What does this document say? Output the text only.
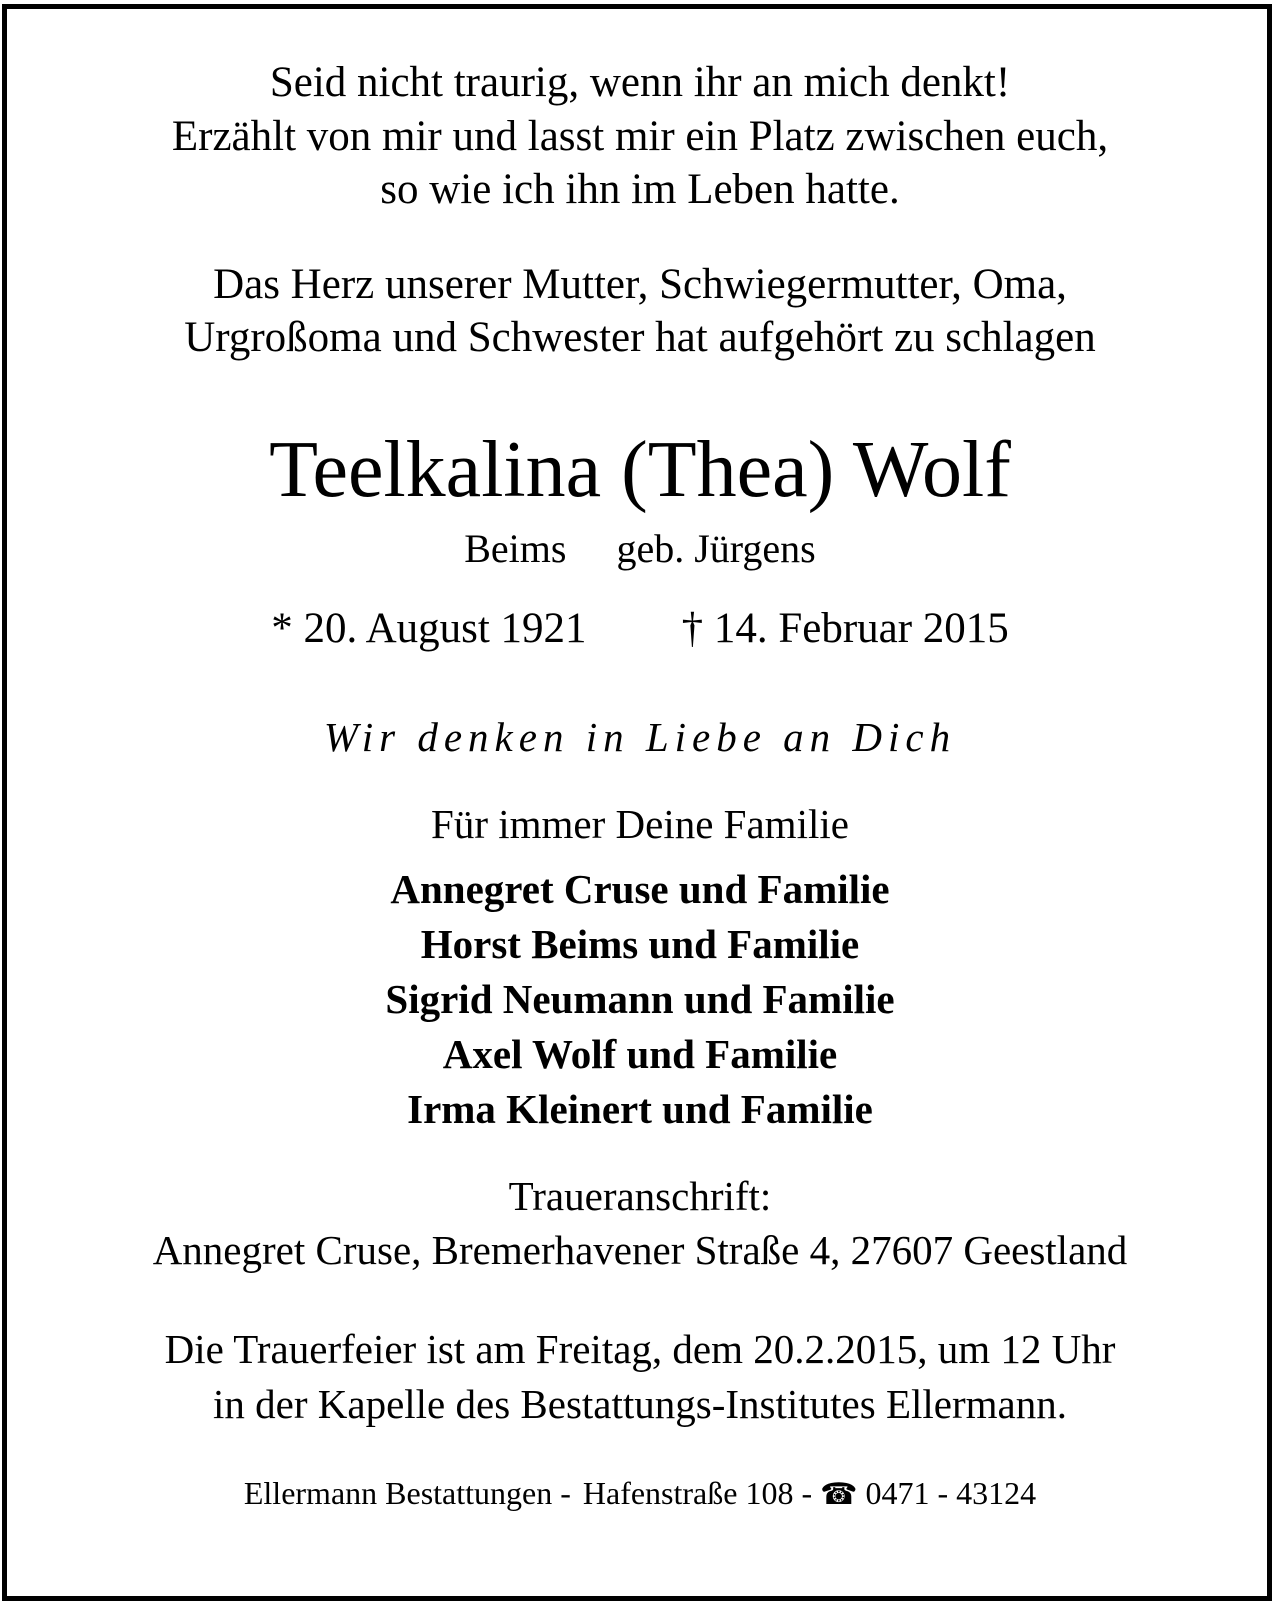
Seid nicht traurig, wenn ihr an mich denkt!
Erzählt von mir und lasst mir ein Platz zwischen euch,
so wie ich ihn im Leben hatte.
Das Herz unserer Mutter, Schwiegermutter, Oma,
Urgroßoma und Schwester hat aufgehört zu schlagen
Teelkalina (Thea) Wolf
Beims geb. Jürgens
* 20. August 1921 † 14. Februar 2015
Wir denken in Liebe an Dich
Für immer Deine Familie
Annegret Cruse und Familie
Horst Beims und Familie
Sigrid Neumann und Familie
Axel Wolf und Familie
Irma Kleinert und Familie
Traueranschrift:
Annegret Cruse, Bremerhavener Straße 4, 27607 Geestland
Die Trauerfeier ist am Freitag, dem 20.2.2015, um 12 Uhr
in der Kapelle des Bestattungs-Institutes Ellermann.
Ellermann Bestattungen - Hafenstraße 108 - ☎ 0471 - 43124
